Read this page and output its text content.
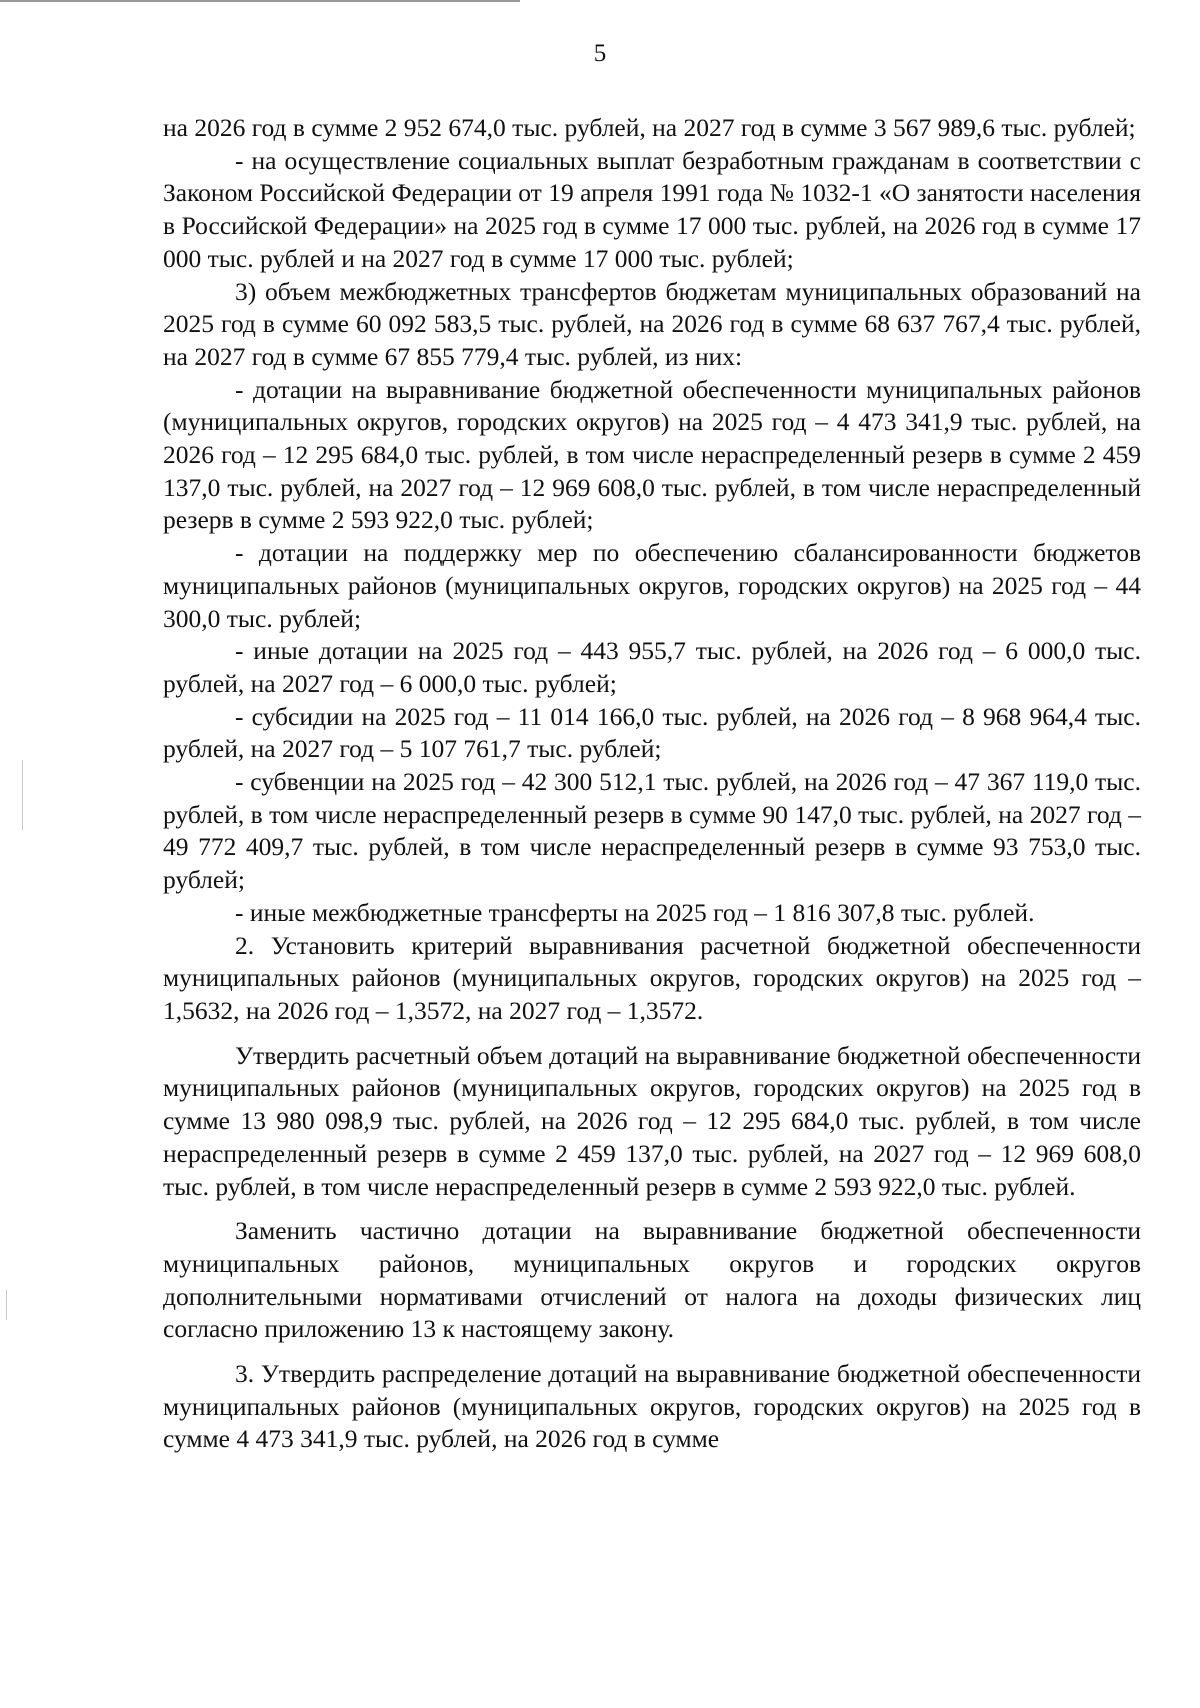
5

на 2026 год в сумме 2 952 674,0 тыс. рублей, на 2027 год в сумме 3 567 989,6 тыс. рублей;

- на осуществление социальных выплат безработным гражданам в соответствии с Законом Российской Федерации от 19 апреля 1991 года № 1032-1 «О занятости населения в Российской Федерации» на 2025 год в сумме 17 000 тыс. рублей, на 2026 год в сумме 17 000 тыс. рублей и на 2027 год в сумме 17 000 тыс. рублей;

3) объем межбюджетных трансфертов бюджетам муниципальных образований на 2025 год в сумме 60 092 583,5 тыс. рублей, на 2026 год в сумме 68 637 767,4 тыс. рублей, на 2027 год в сумме 67 855 779,4 тыс. рублей, из них:

- дотации на выравнивание бюджетной обеспеченности муниципальных районов (муниципальных округов, городских округов) на 2025 год – 4 473 341,9 тыс. рублей, на 2026 год – 12 295 684,0 тыс. рублей, в том числе нераспределенный резерв в сумме 2 459 137,0 тыс. рублей, на 2027 год – 12 969 608,0 тыс. рублей, в том числе нераспределенный резерв в сумме 2 593 922,0 тыс. рублей;

- дотации на поддержку мер по обеспечению сбалансированности бюджетов муниципальных районов (муниципальных округов, городских округов) на 2025 год – 44 300,0 тыс. рублей;

- иные дотации на 2025 год – 443 955,7 тыс. рублей, на 2026 год – 6 000,0 тыс. рублей, на 2027 год – 6 000,0 тыс. рублей;

- субсидии на 2025 год – 11 014 166,0 тыс. рублей, на 2026 год – 8 968 964,4 тыс. рублей, на 2027 год – 5 107 761,7 тыс. рублей;

- субвенции на 2025 год – 42 300 512,1 тыс. рублей, на 2026 год – 47 367 119,0 тыс. рублей, в том числе нераспределенный резерв в сумме 90 147,0 тыс. рублей, на 2027 год – 49 772 409,7 тыс. рублей, в том числе нераспределенный резерв в сумме 93 753,0 тыс. рублей;

- иные межбюджетные трансферты на 2025 год – 1 816 307,8 тыс. рублей.

2. Установить критерий выравнивания расчетной бюджетной обеспеченности муниципальных районов (муниципальных округов, городских округов) на 2025 год – 1,5632, на 2026 год – 1,3572, на 2027 год – 1,3572.

Утвердить расчетный объем дотаций на выравнивание бюджетной обеспеченности муниципальных районов (муниципальных округов, городских округов) на 2025 год в сумме 13 980 098,9 тыс. рублей, на 2026 год – 12 295 684,0 тыс. рублей, в том числе нераспределенный резерв в сумме 2 459 137,0 тыс. рублей, на 2027 год – 12 969 608,0 тыс. рублей, в том числе нераспределенный резерв в сумме 2 593 922,0 тыс. рублей.

Заменить частично дотации на выравнивание бюджетной обеспеченности муниципальных районов, муниципальных округов и городских округов дополнительными нормативами отчислений от налога на доходы физических лиц согласно приложению 13 к настоящему закону.

3. Утвердить распределение дотаций на выравнивание бюджетной обеспеченности муниципальных районов (муниципальных округов, городских округов) на 2025 год в сумме 4 473 341,9 тыс. рублей, на 2026 год в сумме
